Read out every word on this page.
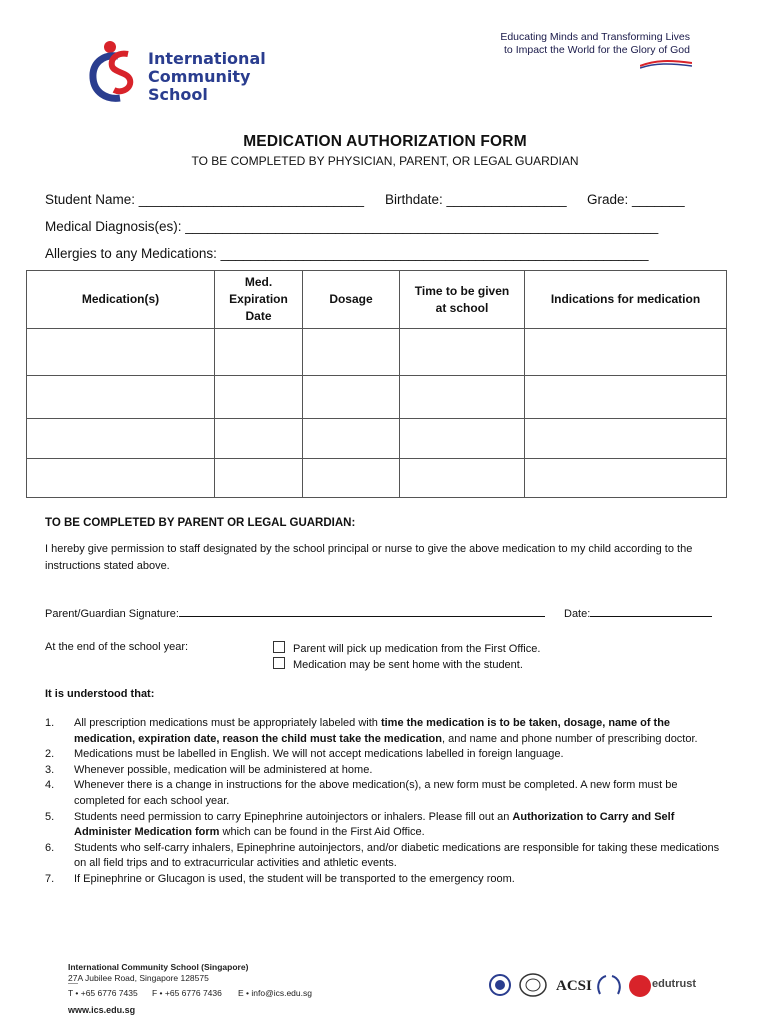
International
Community
School
Educating Minds and Transforming Lives
to Impact the World for the Glory of God
MEDICATION AUTHORIZATION FORM
TO BE COMPLETED BY PHYSICIAN, PARENT, OR LEGAL GUARDIAN
Student Name: ______________________________ Birthdate: ________________ Grade: _______
Medical Diagnosis(es): _______________________________________________________________
Allergies to any Medications: _________________________________________________________
Medication(s)	Med. Expiration Date	Dosage	Time to be given at school	Indications for medication

TO BE COMPLETED BY PARENT OR LEGAL GUARDIAN:
I hereby give permission to staff designated by the school principal or nurse to give the above medication to my child according to the instructions stated above.
Parent/Guardian Signature:	Date:
At the end of the school year:	Parent will pick up medication from the First Office.
Medication may be sent home with the student.
It is understood that:
1. All prescription medications must be appropriately labeled with time the medication is to be taken, dosage, name of the medication, expiration date, reason the child must take the medication, and name and phone number of prescribing doctor.
2. Medications must be labelled in English. We will not accept medications labelled in foreign language.
3. Whenever possible, medication will be administered at home.
4. Whenever there is a change in instructions for the above medication(s), a new form must be completed. A new form must be completed for each school year.
5. Students need permission to carry Epinephrine autoinjectors or inhalers. Please fill out an Authorization to Carry and Self Administer Medication form which can be found in the First Aid Office.
6. Students who self-carry inhalers, Epinephrine autoinjectors, and/or diabetic medications are responsible for taking these medications on all field trips and to extracurricular activities and athletic events.
7. If Epinephrine or Glucagon is used, the student will be transported to the emergency room.
International Community School (Singapore)
27A Jubilee Road, Singapore 128575
T • +65 6776 7435 F • +65 6776 7436 E • info@ics.edu.sg
www.ics.edu.sg
ACSI	edutrust
